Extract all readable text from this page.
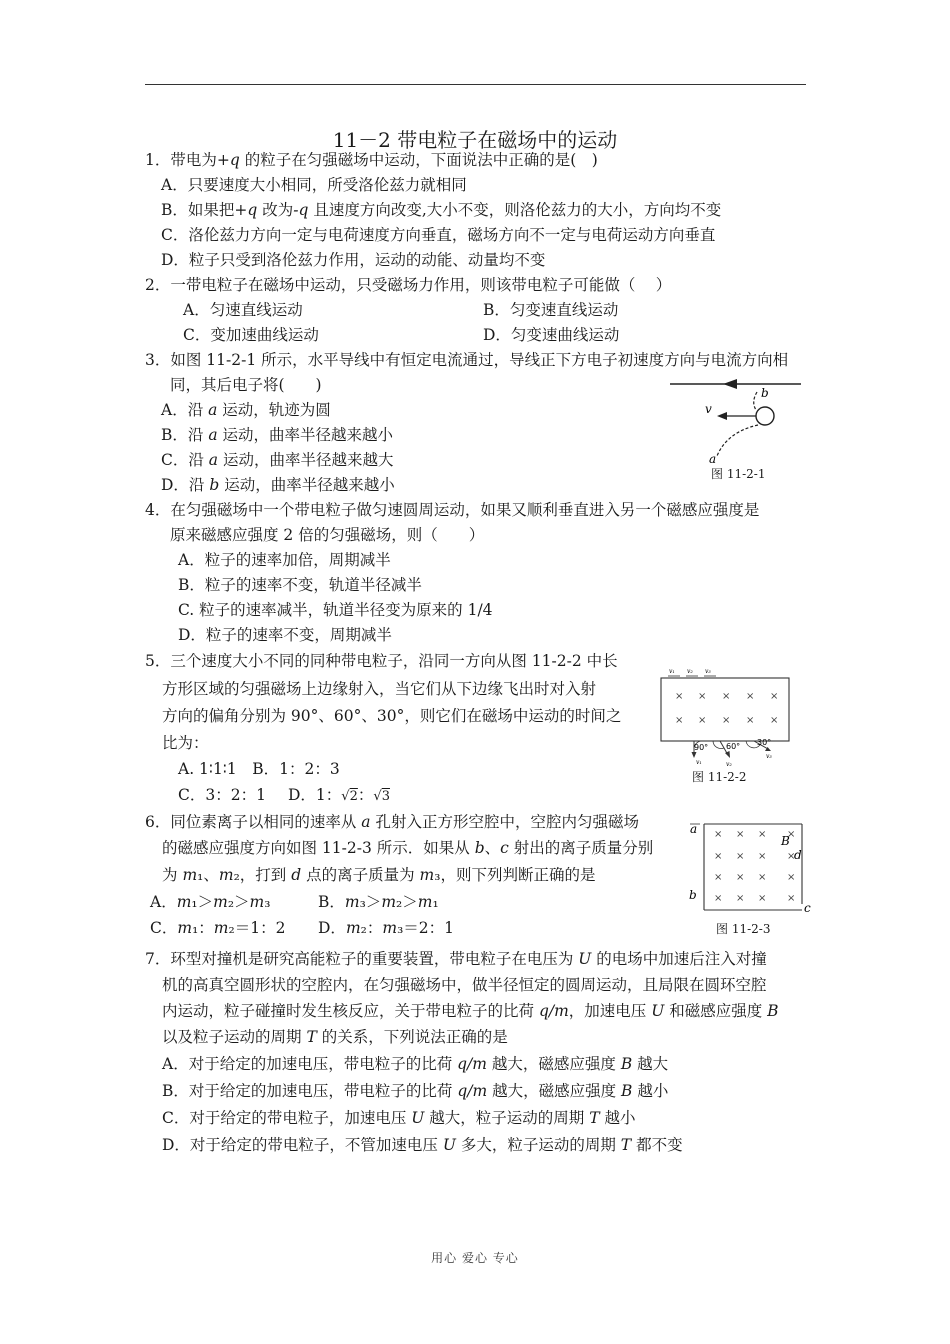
11－2 带电粒子在磁场中的运动
1．带电为+q 的粒子在匀强磁场中运动，下面说法中正确的是(　)
A．只要速度大小相同，所受洛伦兹力就相同
B．如果把+q 改为-q 且速度方向改变,大小不变，则洛伦兹力的大小，方向均不变
C．洛伦兹力方向一定与电荷速度方向垂直，磁场方向不一定与电荷运动方向垂直
D．粒子只受到洛伦兹力作用，运动的动能、动量均不变
2．一带电粒子在磁场中运动，只受磁场力作用，则该带电粒子可能做（　 ）
A．匀速直线运动	B．匀变速直线运动
C．变加速曲线运动	D．匀变速曲线运动
3．如图 11-2-1 所示，水平导线中有恒定电流通过，导线正下方电子初速度方向与电流方向相
同，其后电子将(　　)
A．沿 a 运动，轨迹为圆
B．沿 a 运动，曲率半径越来越小
C．沿 a 运动，曲率半径越来越大
D．沿 b 运动，曲率半径越来越小
b
v
a
图 11-2-1
4．在匀强磁场中一个带电粒子做匀速圆周运动，如果又顺利垂直进入另一个磁感应强度是
原来磁感应强度 2 倍的匀强磁场，则（　　）
A．粒子的速率加倍，周期减半
B．粒子的速率不变，轨道半径减半
C. 粒子的速率减半，轨道半径变为原来的 1/4
D．粒子的速率不变，周期减半
5．三个速度大小不同的同种带电粒子，沿同一方向从图 11-2-2 中长
方形区域的匀强磁场上边缘射入，当它们从下边缘飞出时对入射
方向的偏角分别为 90°、60°、30°，则它们在磁场中运动的时间之
比为：
A. 1∶1∶1　B．1：2：3
C．3：2：1 D．1：√2：√3
× × × × ×
× × × × ×
v₁ v₂ v₃
90° 60° 30°
v₁	v₂
v₃
图 11-2-2
6．同位素离子以相同的速率从 a 孔射入正方形空腔中，空腔内匀强磁场
的磁感应强度方向如图 11-2-3 所示．如果从 b、c 射出的离子质量分别
为 m₁、m₂，打到 d 点的离子质量为 m₃，则下列判断正确的是
A．m₁＞m₂＞m₃	B．m₃＞m₂＞m₁
C．m₁：m₂＝1：2 D．m₂：m₃＝2：1
× × × ×
× × × ×
× × × ×
× × × ×
a
B
d
b
c
图 11-2-3
7．环型对撞机是研究高能粒子的重要装置，带电粒子在电压为 U 的电场中加速后注入对撞
机的高真空圆形状的空腔内，在匀强磁场中，做半径恒定的圆周运动，且局限在圆环空腔
内运动，粒子碰撞时发生核反应，关于带电粒子的比荷 q/m，加速电压 U 和磁感应强度 B
以及粒子运动的周期 T 的关系，下列说法正确的是
A．对于给定的加速电压，带电粒子的比荷 q/m 越大，磁感应强度 B 越大
B．对于给定的加速电压，带电粒子的比荷 q/m 越大，磁感应强度 B 越小
C．对于给定的带电粒子，加速电压 U 越大，粒子运动的周期 T 越小
D．对于给定的带电粒子，不管加速电压 U 多大，粒子运动的周期 T 都不变
用心 爱心 专心
